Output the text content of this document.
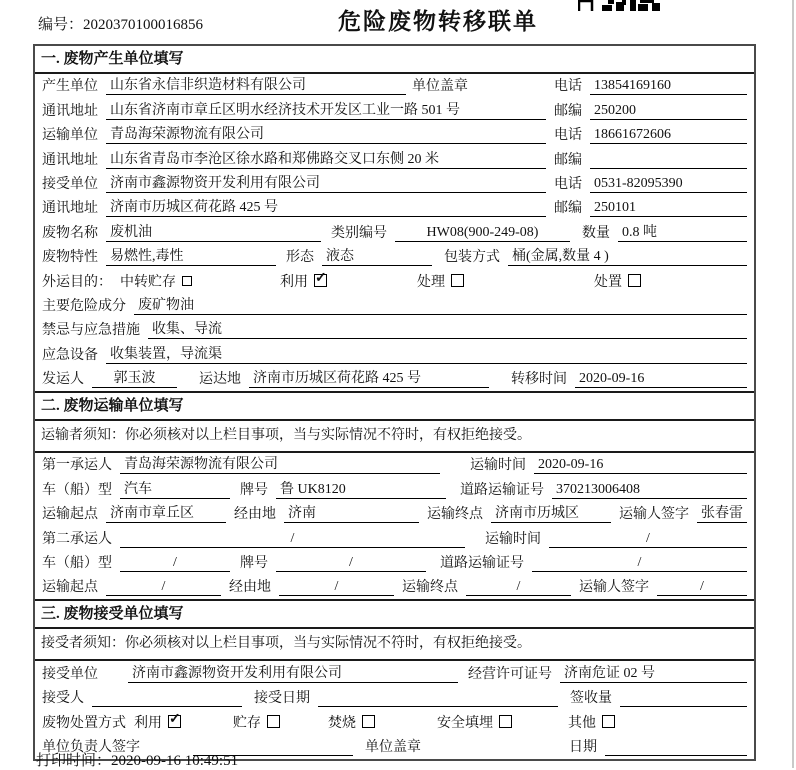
编号：2020370100016856	危险废物转移联单
一. 废物产生单位填写
产生单位 山东省永信非织造材料有限公司	单位盖章	电话 13854169160
通讯地址 山东省济南市章丘区明水经济技术开发区工业一路 501 号	邮编 250200
运输单位 青岛海荣源物流有限公司	电话 18661672606
通讯地址 山东省青岛市李沧区徐水路和郑佛路交叉口东侧 20 米	邮编
接受单位 济南市鑫源物资开发利用有限公司	电话 0531-82095390
通讯地址 济南市历城区荷花路 425 号	邮编 250101
废物名称 废机油	类别编号	HW08(900-249-08)	数量 0.8 吨
废物特性 易燃性,毒性	形态 液态	包装方式 桶(金属,数量 4 )
外运目的： 中转贮存	利用 ✓	处理	处置
主要危险成分 废矿物油
禁忌与应急措施 收集、导流
应急设备 收集装置，导流渠
发运人	郭玉波	运达地 济南市历城区荷花路 425 号	转移时间 2020-09-16
二. 废物运输单位填写
运输者须知：你必须核对以上栏目事项，当与实际情况不符时，有权拒绝接受。
第一承运人 青岛海荣源物流有限公司	运输时间 2020-09-16
车（船）型 汽车	牌号 鲁 UK8120	道路运输证号 370213006408
运输起点 济南市章丘区	经由地 济南	运输终点 济南市历城区	运输人签字 张春雷
第二承运人	/	运输时间	/
车（船）型	/	牌号	/	道路运输证号	/
运输起点	/	经由地	/	运输终点	/	运输人签字	/
三. 废物接受单位填写
接受者须知：你必须核对以上栏目事项，当与实际情况不符时，有权拒绝接受。
接受单位 济南市鑫源物资开发利用有限公司	经营许可证号 济南危证 02 号
接受人	接受日期	签收量
废物处置方式 利用 ✓	贮存	焚烧	安全填埋	其他
单位负责人签字	单位盖章	日期
打印时间：2020-09-16 10:49:51
